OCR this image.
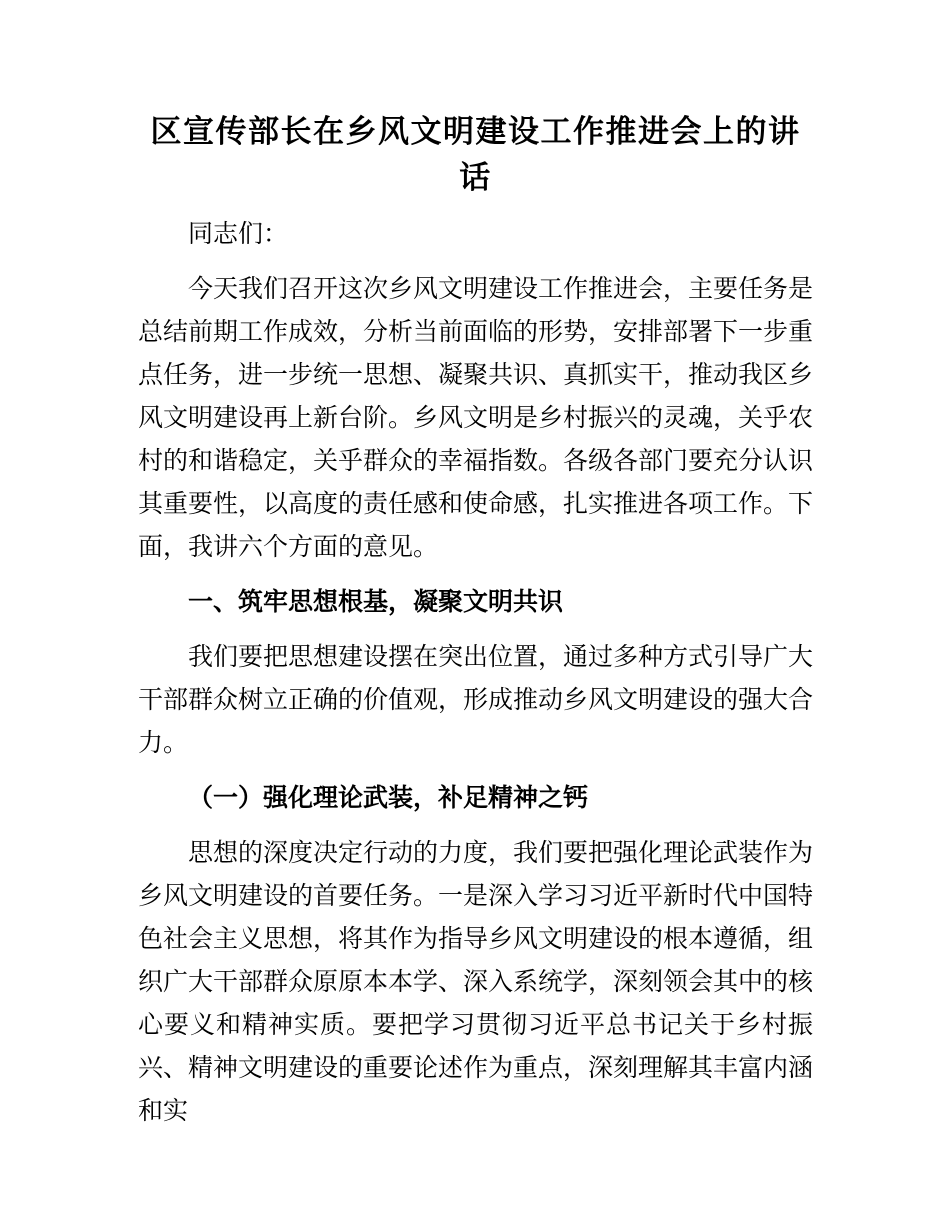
区宣传部长在乡风文明建设工作推进会上的讲话

同志们：

今天我们召开这次乡风文明建设工作推进会，主要任务是总结前期工作成效，分析当前面临的形势，安排部署下一步重点任务，进一步统一思想、凝聚共识、真抓实干，推动我区乡风文明建设再上新台阶。乡风文明是乡村振兴的灵魂，关乎农村的和谐稳定，关乎群众的幸福指数。各级各部门要充分认识其重要性，以高度的责任感和使命感，扎实推进各项工作。下面，我讲六个方面的意见。

一、筑牢思想根基，凝聚文明共识

我们要把思想建设摆在突出位置，通过多种方式引导广大干部群众树立正确的价值观，形成推动乡风文明建设的强大合力。

（一）强化理论武装，补足精神之钙

思想的深度决定行动的力度，我们要把强化理论武装作为乡风文明建设的首要任务。一是深入学习习近平新时代中国特色社会主义思想，将其作为指导乡风文明建设的根本遵循，组织广大干部群众原原本本学、深入系统学，深刻领会其中的核心要义和精神实质。要把学习贯彻习近平总书记关于乡村振兴、精神文明建设的重要论述作为重点，深刻理解其丰富内涵和实
